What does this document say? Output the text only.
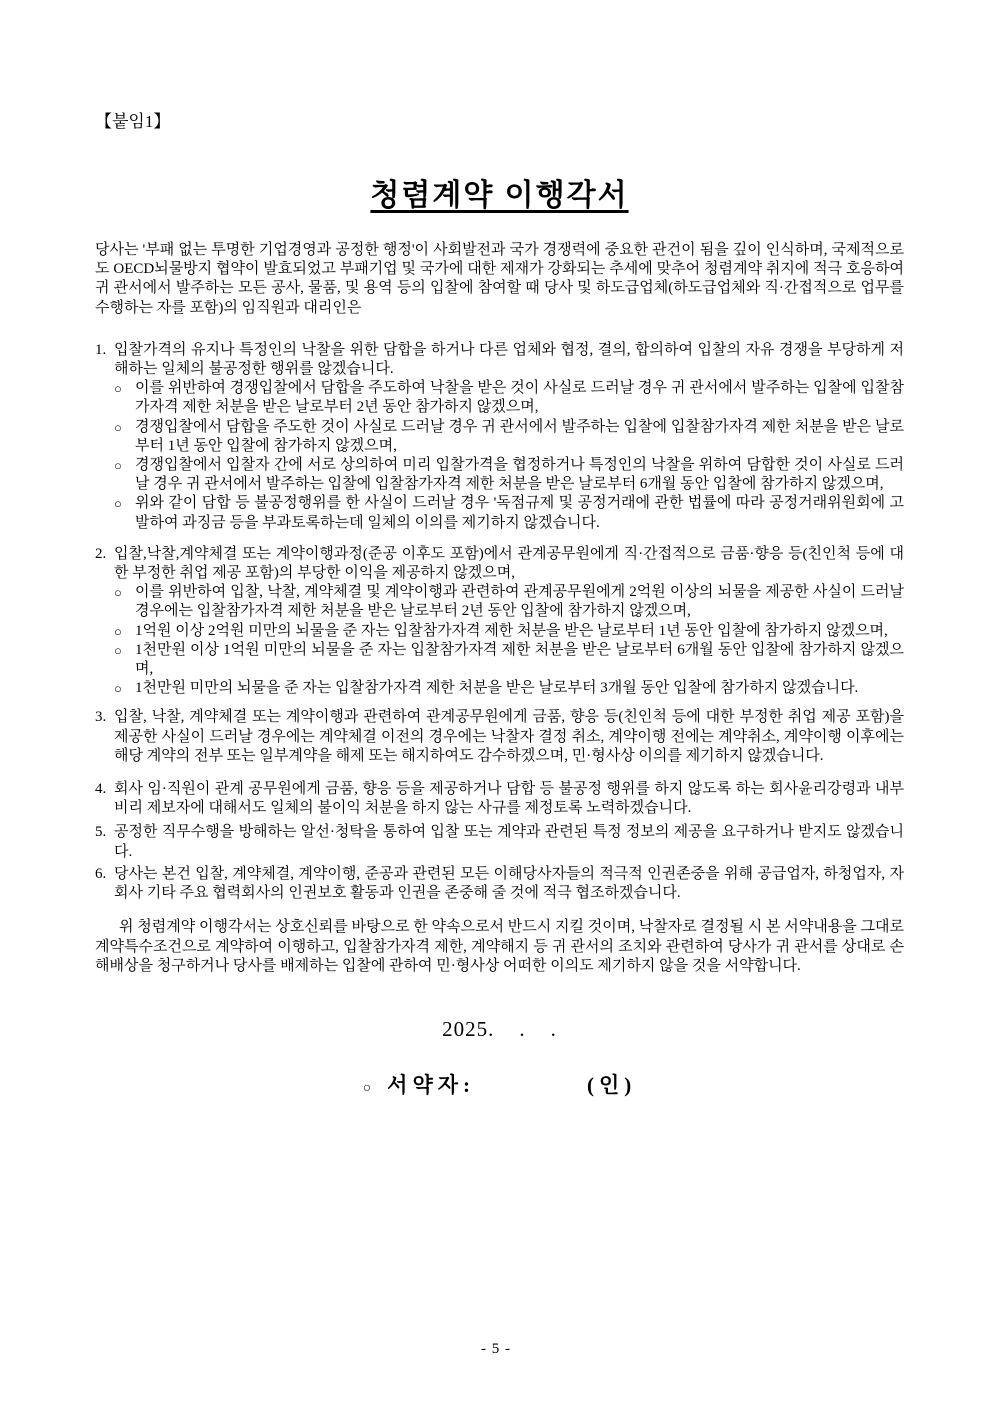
【붙임1】
청렴계약 이행각서

당사는 '부패 없는 투명한 기업경영과 공정한 행정'이 사회발전과 국가 경쟁력에 중요한 관건이 됨을 깊이 인식하며, 국제적으로도 OECD뇌물방지 협약이 발효되었고 부패기업 및 국가에 대한 제재가 강화되는 추세에 맞추어 청렴계약 취지에 적극 호응하여 귀 관서에서 발주하는 모든 공사, 물품, 및 용역 등의 입찰에 참여할 때 당사 및 하도급업체(하도급업체와 직·간접적으로 업무를 수행하는 자를 포함)의 임직원과 대리인은

1. 입찰가격의 유지나 특정인의 낙찰을 위한 담합을 하거나 다른 업체와 협정, 결의, 합의하여 입찰의 자유 경쟁을 부당하게 저해하는 일체의 불공정한 행위를 않겠습니다.

○ 이를 위반하여 경쟁입찰에서 담합을 주도하여 낙찰을 받은 것이 사실로 드러날 경우 귀 관서에서 발주하는 입찰에 입찰참가자격 제한 처분을 받은 날로부터 2년 동안 참가하지 않겠으며,

○ 경쟁입찰에서 담합을 주도한 것이 사실로 드러날 경우 귀 관서에서 발주하는 입찰에 입찰참가자격 제한 처분을 받은 날로부터 1년 동안 입찰에 참가하지 않겠으며,

○ 경쟁입찰에서 입찰자 간에 서로 상의하여 미리 입찰가격을 협정하거나 특정인의 낙찰을 위하여 담합한 것이 사실로 드러날 경우 귀 관서에서 발주하는 입찰에 입찰참가자격 제한 처분을 받은 날로부터 6개월 동안 입찰에 참가하지 않겠으며,

○ 위와 같이 담합 등 불공정행위를 한 사실이 드러날 경우 '독점규제 및 공정거래에 관한 법률에 따라 공정거래위원회에 고발하여 과징금 등을 부과토록하는데 일체의 이의를 제기하지 않겠습니다.

2. 입찰,낙찰,계약체결 또는 계약이행과정(준공 이후도 포함)에서 관계공무원에게 직·간접적으로 금품·향응 등(친인척 등에 대한 부정한 취업 제공 포함)의 부당한 이익을 제공하지 않겠으며,

○ 이를 위반하여 입찰, 낙찰, 계약체결 및 계약이행과 관련하여 관계공무원에게 2억원 이상의 뇌물을 제공한 사실이 드러날 경우에는 입찰참가자격 제한 처분을 받은 날로부터 2년 동안 입찰에 참가하지 않겠으며,

○ 1억원 이상 2억원 미만의 뇌물을 준 자는 입찰참가자격 제한 처분을 받은 날로부터 1년 동안 입찰에 참가하지 않겠으며,

○ 1천만원 이상 1억원 미만의 뇌물을 준 자는 입찰참가자격 제한 처분을 받은 날로부터 6개월 동안 입찰에 참가하지 않겠으며,

○ 1천만원 미만의 뇌물을 준 자는 입찰참가자격 제한 처분을 받은 날로부터 3개월 동안 입찰에 참가하지 않겠습니다.

3. 입찰, 낙찰, 계약체결 또는 계약이행과 관련하여 관계공무원에게 금품, 향응 등(친인척 등에 대한 부정한 취업 제공 포함)을 제공한 사실이 드러날 경우에는 계약체결 이전의 경우에는 낙찰자 결정 취소, 계약이행 전에는 계약취소, 계약이행 이후에는 해당 계약의 전부 또는 일부계약을 해제 또는 해지하여도 감수하겠으며, 민·형사상 이의를 제기하지 않겠습니다.

4. 회사 임·직원이 관계 공무원에게 금품, 향응 등을 제공하거나 담합 등 불공정 행위를 하지 않도록 하는 회사윤리강령과 내부비리 제보자에 대해서도 일체의 불이익 처분을 하지 않는 사규를 제정토록 노력하겠습니다.

5. 공정한 직무수행을 방해하는 알선·청탁을 통하여 입찰 또는 계약과 관련된 특정 정보의 제공을 요구하거나 받지도 않겠습니다.

6. 당사는 본건 입찰, 계약체결, 계약이행, 준공과 관련된 모든 이해당사자들의 적극적 인권존중을 위해 공급업자, 하청업자, 자회사 기타 주요 협력회사의 인권보호 활동과 인권을 존중해 줄 것에 적극 협조하겠습니다.

위 청렴계약 이행각서는 상호신뢰를 바탕으로 한 약속으로서 반드시 지킬 것이며, 낙찰자로 결정될 시 본 서약내용을 그대로 계약특수조건으로 계약하여 이행하고, 입찰참가자격 제한, 계약해지 등 귀 관서의 조치와 관련하여 당사가 귀 관서를 상대로 손해배상을 청구하거나 당사를 배제하는 입찰에 관하여 민·형사상 어떠한 이의도 제기하지 않을 것을 서약합니다.

2025.    .    .
○ 서약자:	(인)
- 5 -
